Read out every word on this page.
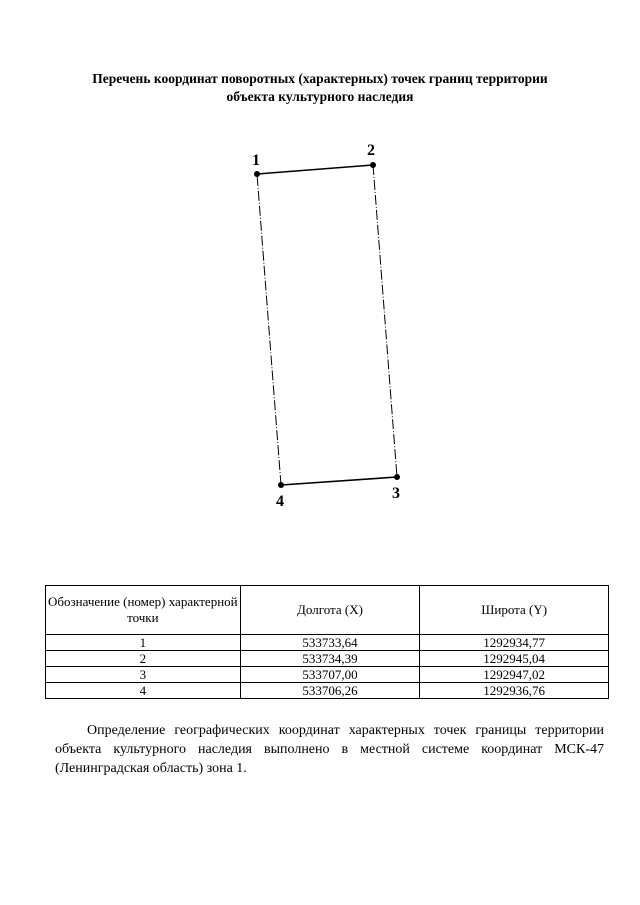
Перечень координат поворотных (характерных) точек границ территории
объекта культурного наследия
1
2
3
4
Обозначение (номер) характерной точки	Долгота (X)	Широта (Y)
1	533733,64	1292934,77
2	533734,39	1292945,04
3	533707,00	1292947,02
4	533706,26	1292936,76

Определение географических координат характерных точек границы территории объекта культурного наследия выполнено в местной системе координат МСК-47 (Ленинградская область) зона 1.
